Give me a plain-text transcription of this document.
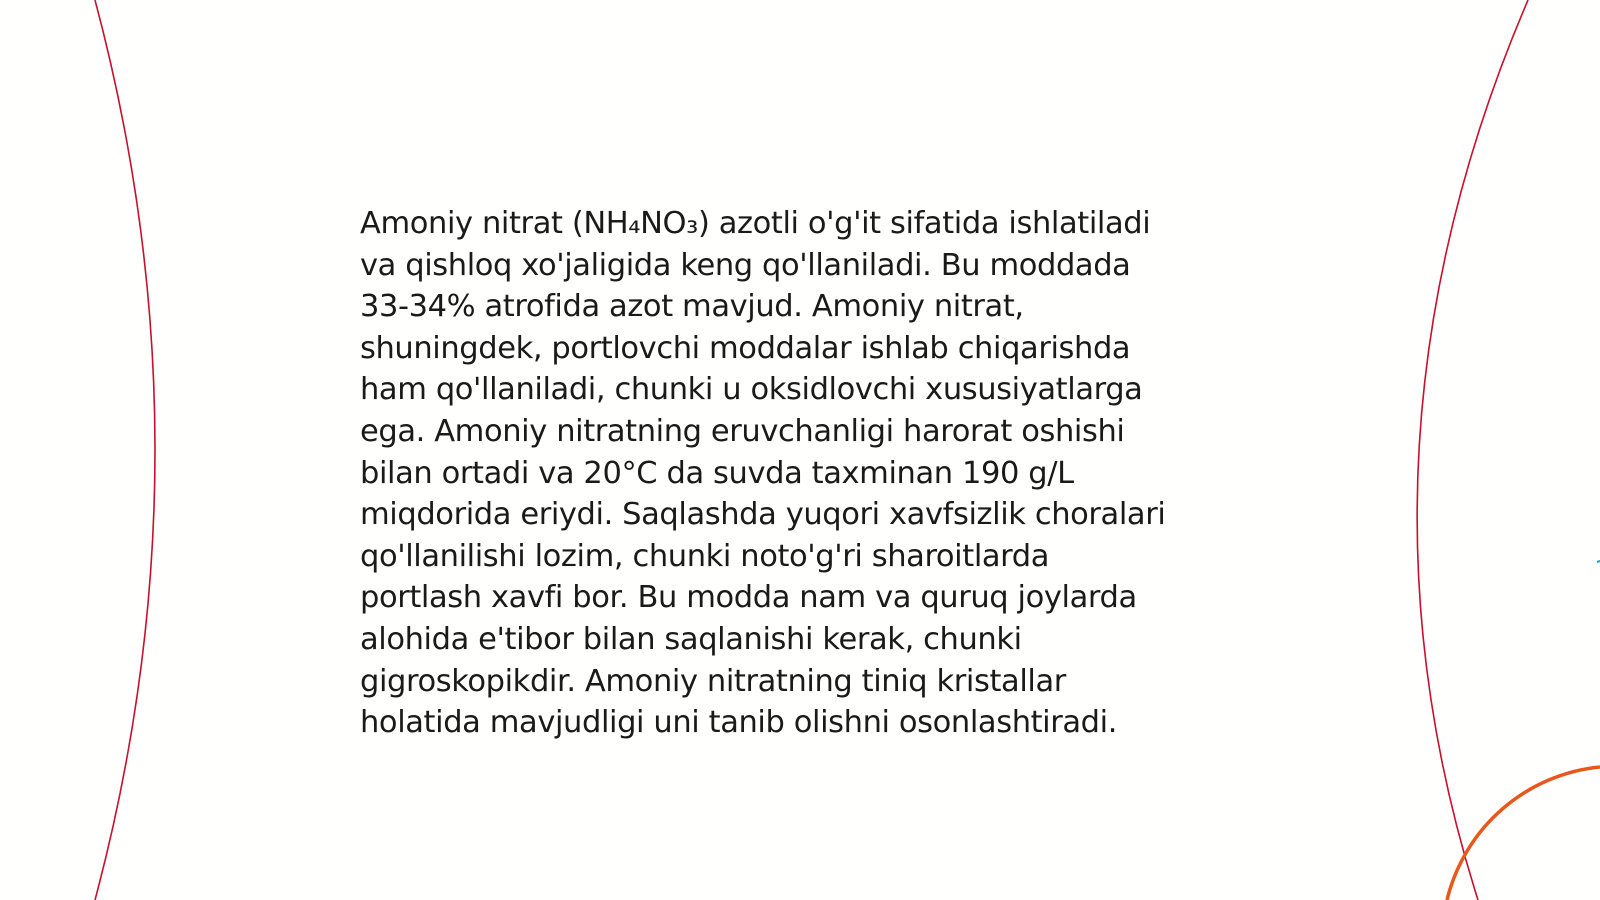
Amoniy nitrat (NH₄NO₃) azotli o'g'it sifatida ishlatiladi
va qishloq xo'jaligida keng qo'llaniladi. Bu moddada
33-34% atrofida azot mavjud. Amoniy nitrat,
shuningdek, portlovchi moddalar ishlab chiqarishda
ham qo'llaniladi, chunki u oksidlovchi xususiyatlarga
ega. Amoniy nitratning eruvchanligi harorat oshishi
bilan ortadi va 20°C da suvda taxminan 190 g/L
miqdorida eriydi. Saqlashda yuqori xavfsizlik choralari
qo'llanilishi lozim, chunki noto'g'ri sharoitlarda
portlash xavfi bor. Bu modda nam va quruq joylarda
alohida e'tibor bilan saqlanishi kerak, chunki
gigroskopikdir. Amoniy nitratning tiniq kristallar
holatida mavjudligi uni tanib olishni osonlashtiradi.
